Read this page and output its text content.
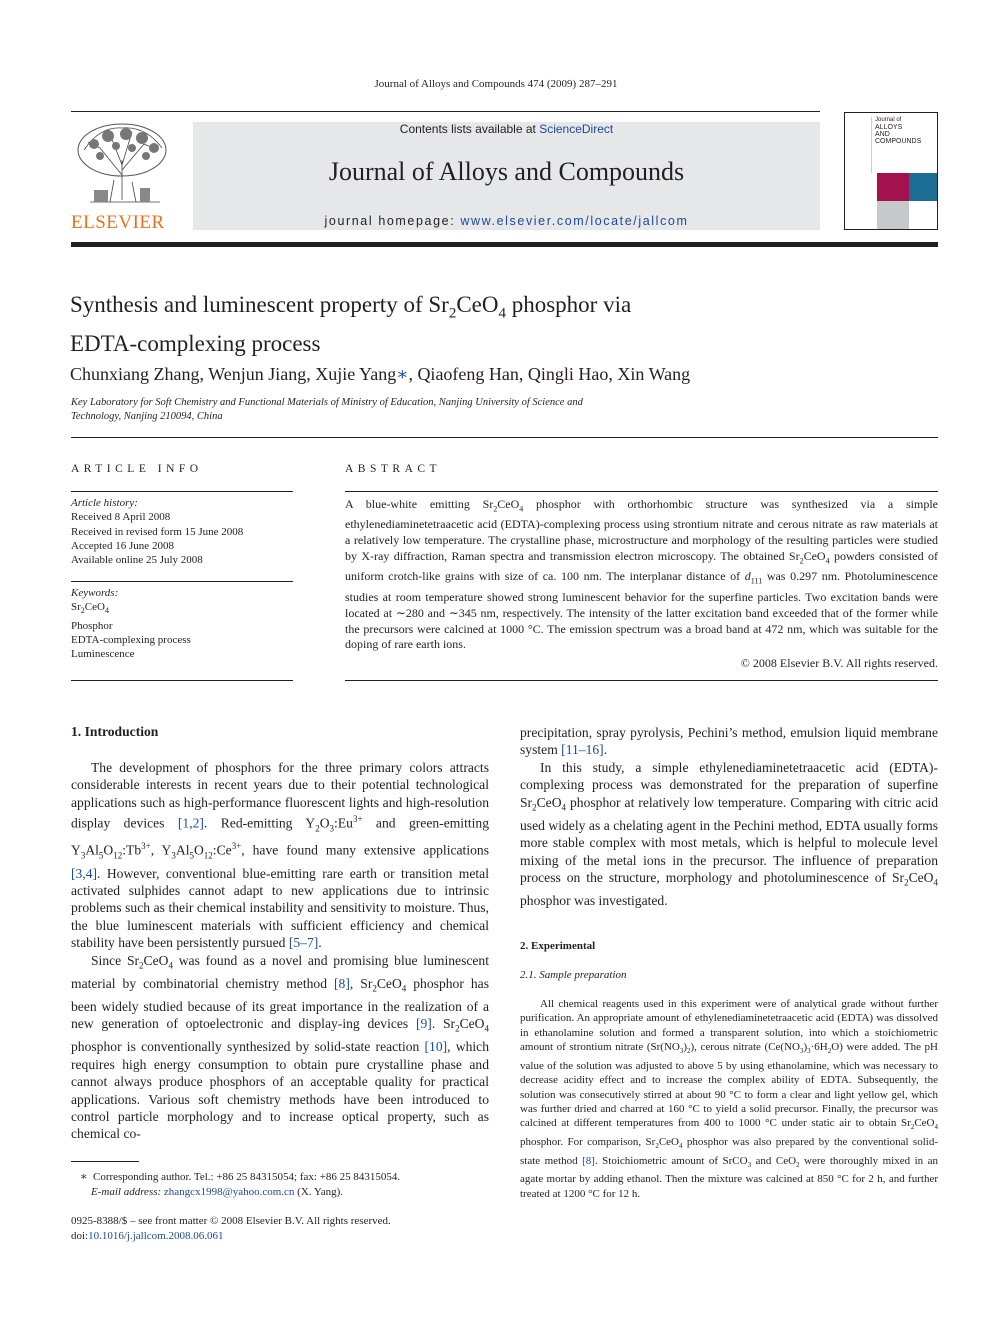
Journal of Alloys and Compounds 474 (2009) 287–291
ELSEVIER
Contents lists available at ScienceDirect
Journal of Alloys and Compounds
journal homepage: www.elsevier.com/locate/jallcom
Journal of
ALLOYS
AND COMPOUNDS
Synthesis and luminescent property of $Sr_2CeO_4$ phosphor via
EDTA-complexing process
Chunxiang Zhang, Wenjun Jiang, Xujie Yang∗, Qiaofeng Han, Qingli Hao, Xin Wang
Key Laboratory for Soft Chemistry and Functional Materials of Ministry of Education, Nanjing University of Science and Technology, Nanjing 210094, China
ARTICLE INFO
Article history:
Received 8 April 2008
Received in revised form 15 June 2008
Accepted 16 June 2008
Available online 25 July 2008
Keywords:
$Sr_2CeO_4$
Phosphor
EDTA-complexing process
Luminescence
ABSTRACT
A blue-white emitting $Sr_2CeO_4$ phosphor with orthorhombic structure was synthesized via a simple ethylenediaminetetraacetic acid (EDTA)-complexing process using strontium nitrate and cerous nitrate as raw materials at a relatively low temperature. The crystalline phase, microstructure and morphology of the resulting particles were studied by X-ray diffraction, Raman spectra and transmission electron microscopy. The obtained $Sr_2CeO_4$ powders consisted of uniform crotch-like grains with size of ca. 100 nm. The interplanar distance of $d_{111}$ was 0.297 nm. Photoluminescence studies at room temperature showed strong luminescent behavior for the superfine particles. Two excitation bands were located at ∼280 and ∼345 nm, respectively. The intensity of the latter excitation band exceeded that of the former while the precursors were calcined at 1000 °C. The emission spectrum was a broad band at 472 nm, which was suitable for the doping of rare earth ions.
© 2008 Elsevier B.V. All rights reserved.
1. Introduction

The development of phosphors for the three primary colors attracts considerable interests in recent years due to their potential technological applications such as high-performance fluorescent lights and high-resolution display devices [1,2]. Red-emitting $Y_2O_3:Eu^{3+}$ and green-emitting $Y_3Al_5O_{12}:Tb^{3+}$, $Y_3Al_5O_{12}:Ce^{3+}$, have found many extensive applications [3,4]. However, conventional blue-emitting rare earth or transition metal activated sulphides cannot adapt to new applications due to intrinsic problems such as their chemical instability and sensitivity to moisture. Thus, the blue luminescent materials with sufficient efficiency and chemical stability have been persistently pursued [5–7].

Since $Sr_2CeO_4$ was found as a novel and promising blue luminescent material by combinatorial chemistry method [8], $Sr_2CeO_4$ phosphor has been widely studied because of its great importance in the realization of a new generation of optoelectronic and display-ing devices [9]. $Sr_2CeO_4$ phosphor is conventionally synthesized by solid-state reaction [10], which requires high energy consumption to obtain pure crystalline phase and cannot always produce phosphors of an acceptable quality for practical applications. Various soft chemistry methods have been introduced to control particle morphology and to increase optical property, such as chemical co-

precipitation, spray pyrolysis, Pechini’s method, emulsion liquid membrane system [11–16].

In this study, a simple ethylenediaminetetraacetic acid (EDTA)-complexing process was demonstrated for the preparation of superfine $Sr_2CeO_4$ phosphor at relatively low temperature. Comparing with citric acid used widely as a chelating agent in the Pechini method, EDTA usually forms more stable complex with most metals, which is helpful to molecule level mixing of the metal ions in the precursor. The influence of preparation process on the structure, morphology and photoluminescence of $Sr_2CeO_4$ phosphor was investigated.

2. Experimental
2.1. Sample preparation

All chemical reagents used in this experiment were of analytical grade without further purification. An appropriate amount of ethylenediaminetetraacetic acid (EDTA) was dissolved in ethanolamine solution and formed a transparent solution, into which a stoichiometric amount of strontium nitrate $(Sr(NO_3)_2)$, cerous nitrate $(Ce(NO_3)_3\cdot 6H_2O)$ were added. The pH value of the solution was adjusted to above 5 by using ethanolamine, which was necessary to decrease acidity effect and to increase the complex ability of EDTA. Subsequently, the solution was consecutively stirred at about 90 °C to form a clear and light yellow gel, which was further dried and charred at 160 °C to yield a solid precursor. Finally, the precursor was calcined at different temperatures from 400 to 1000 °C under static air to obtain $Sr_2CeO_4$ phosphor. For comparison, $Sr_2CeO_4$ phosphor was also prepared by the conventional solid-state method [8]. Stoichiometric amount of SrCO$_3$ and CeO$_2$ were thoroughly mixed in an agate mortar by adding ethanol. Then the mixture was calcined at 850 °C for 2 h, and further treated at 1200 °C for 12 h.

∗  Corresponding author. Tel.: +86 25 84315054; fax: +86 25 84315054.
E-mail address: zhangcx1998@yahoo.com.cn (X. Yang).
0925-8388/$ – see front matter © 2008 Elsevier B.V. All rights reserved.
doi:10.1016/j.jallcom.2008.06.061
